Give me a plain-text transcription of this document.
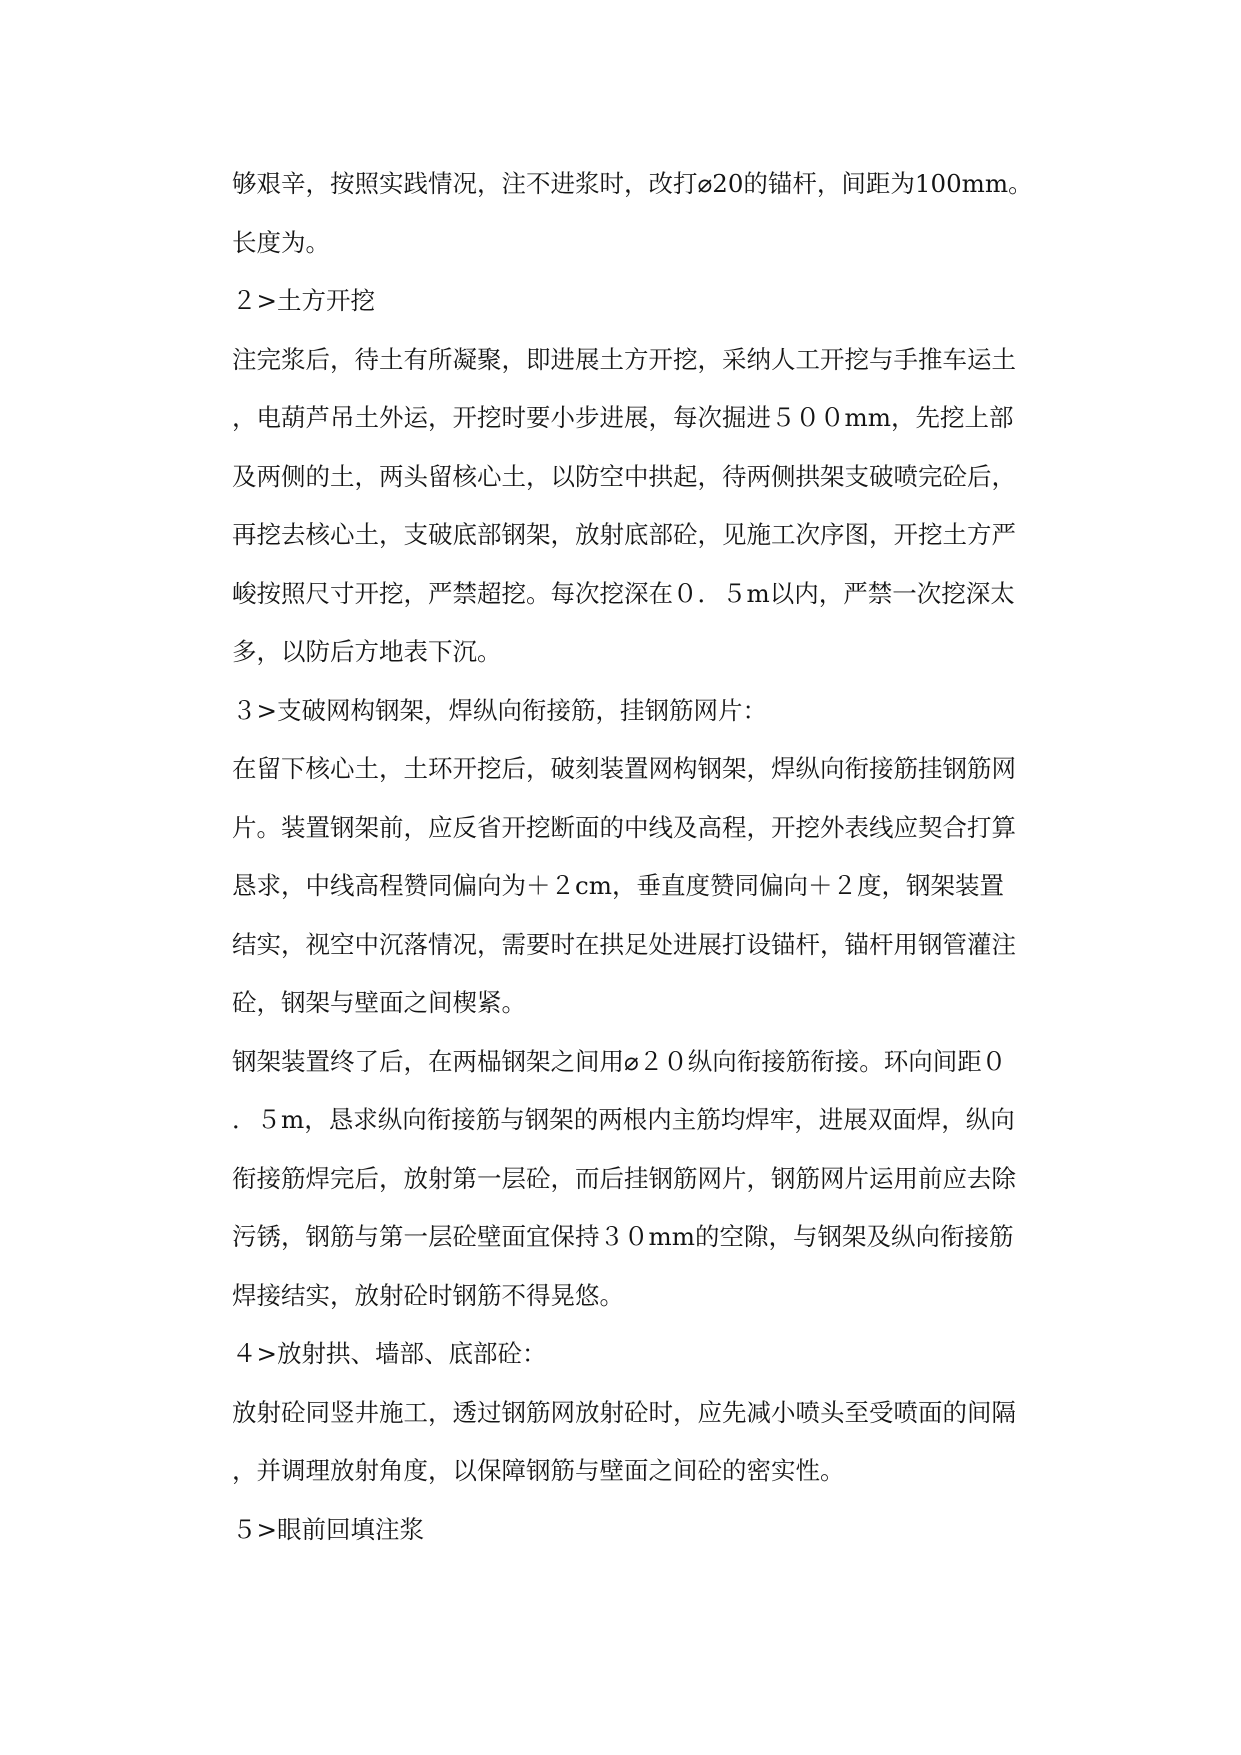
够艰辛，按照实践情况，注不进浆时，改打⌀20的锚杆，间距为100mm。
长度为。
２>土方开挖
注完浆后，待土有所凝聚，即进展土方开挖，采纳人工开挖与手推车运土
，电葫芦吊土外运，开挖时要小步进展，每次掘进５００mm，先挖上部
及两侧的土，两头留核心土，以防空中拱起，待两侧拱架支破喷完砼后，
再挖去核心土，支破底部钢架，放射底部砼，见施工次序图，开挖土方严
峻按照尺寸开挖，严禁超挖。每次挖深在０．５m以内，严禁一次挖深太
多，以防后方地表下沉。
３>支破网构钢架，焊纵向衔接筋，挂钢筋网片：
在留下核心土，土环开挖后，破刻装置网构钢架，焊纵向衔接筋挂钢筋网
片。装置钢架前，应反省开挖断面的中线及高程，开挖外表线应契合打算
恳求，中线高程赞同偏向为＋２cm，垂直度赞同偏向＋２度，钢架装置
结实，视空中沉落情况，需要时在拱足处进展打设锚杆，锚杆用钢管灌注
砼，钢架与壁面之间楔紧。
钢架装置终了后，在两榀钢架之间用⌀２０纵向衔接筋衔接。环向间距０
．５m，恳求纵向衔接筋与钢架的两根内主筋均焊牢，进展双面焊，纵向
衔接筋焊完后，放射第一层砼，而后挂钢筋网片，钢筋网片运用前应去除
污锈，钢筋与第一层砼壁面宜保持３０mm的空隙，与钢架及纵向衔接筋
焊接结实，放射砼时钢筋不得晃悠。
４>放射拱、墙部、底部砼：
放射砼同竖井施工，透过钢筋网放射砼时，应先减小喷头至受喷面的间隔
，并调理放射角度，以保障钢筋与壁面之间砼的密实性。
５>眼前回填注浆
